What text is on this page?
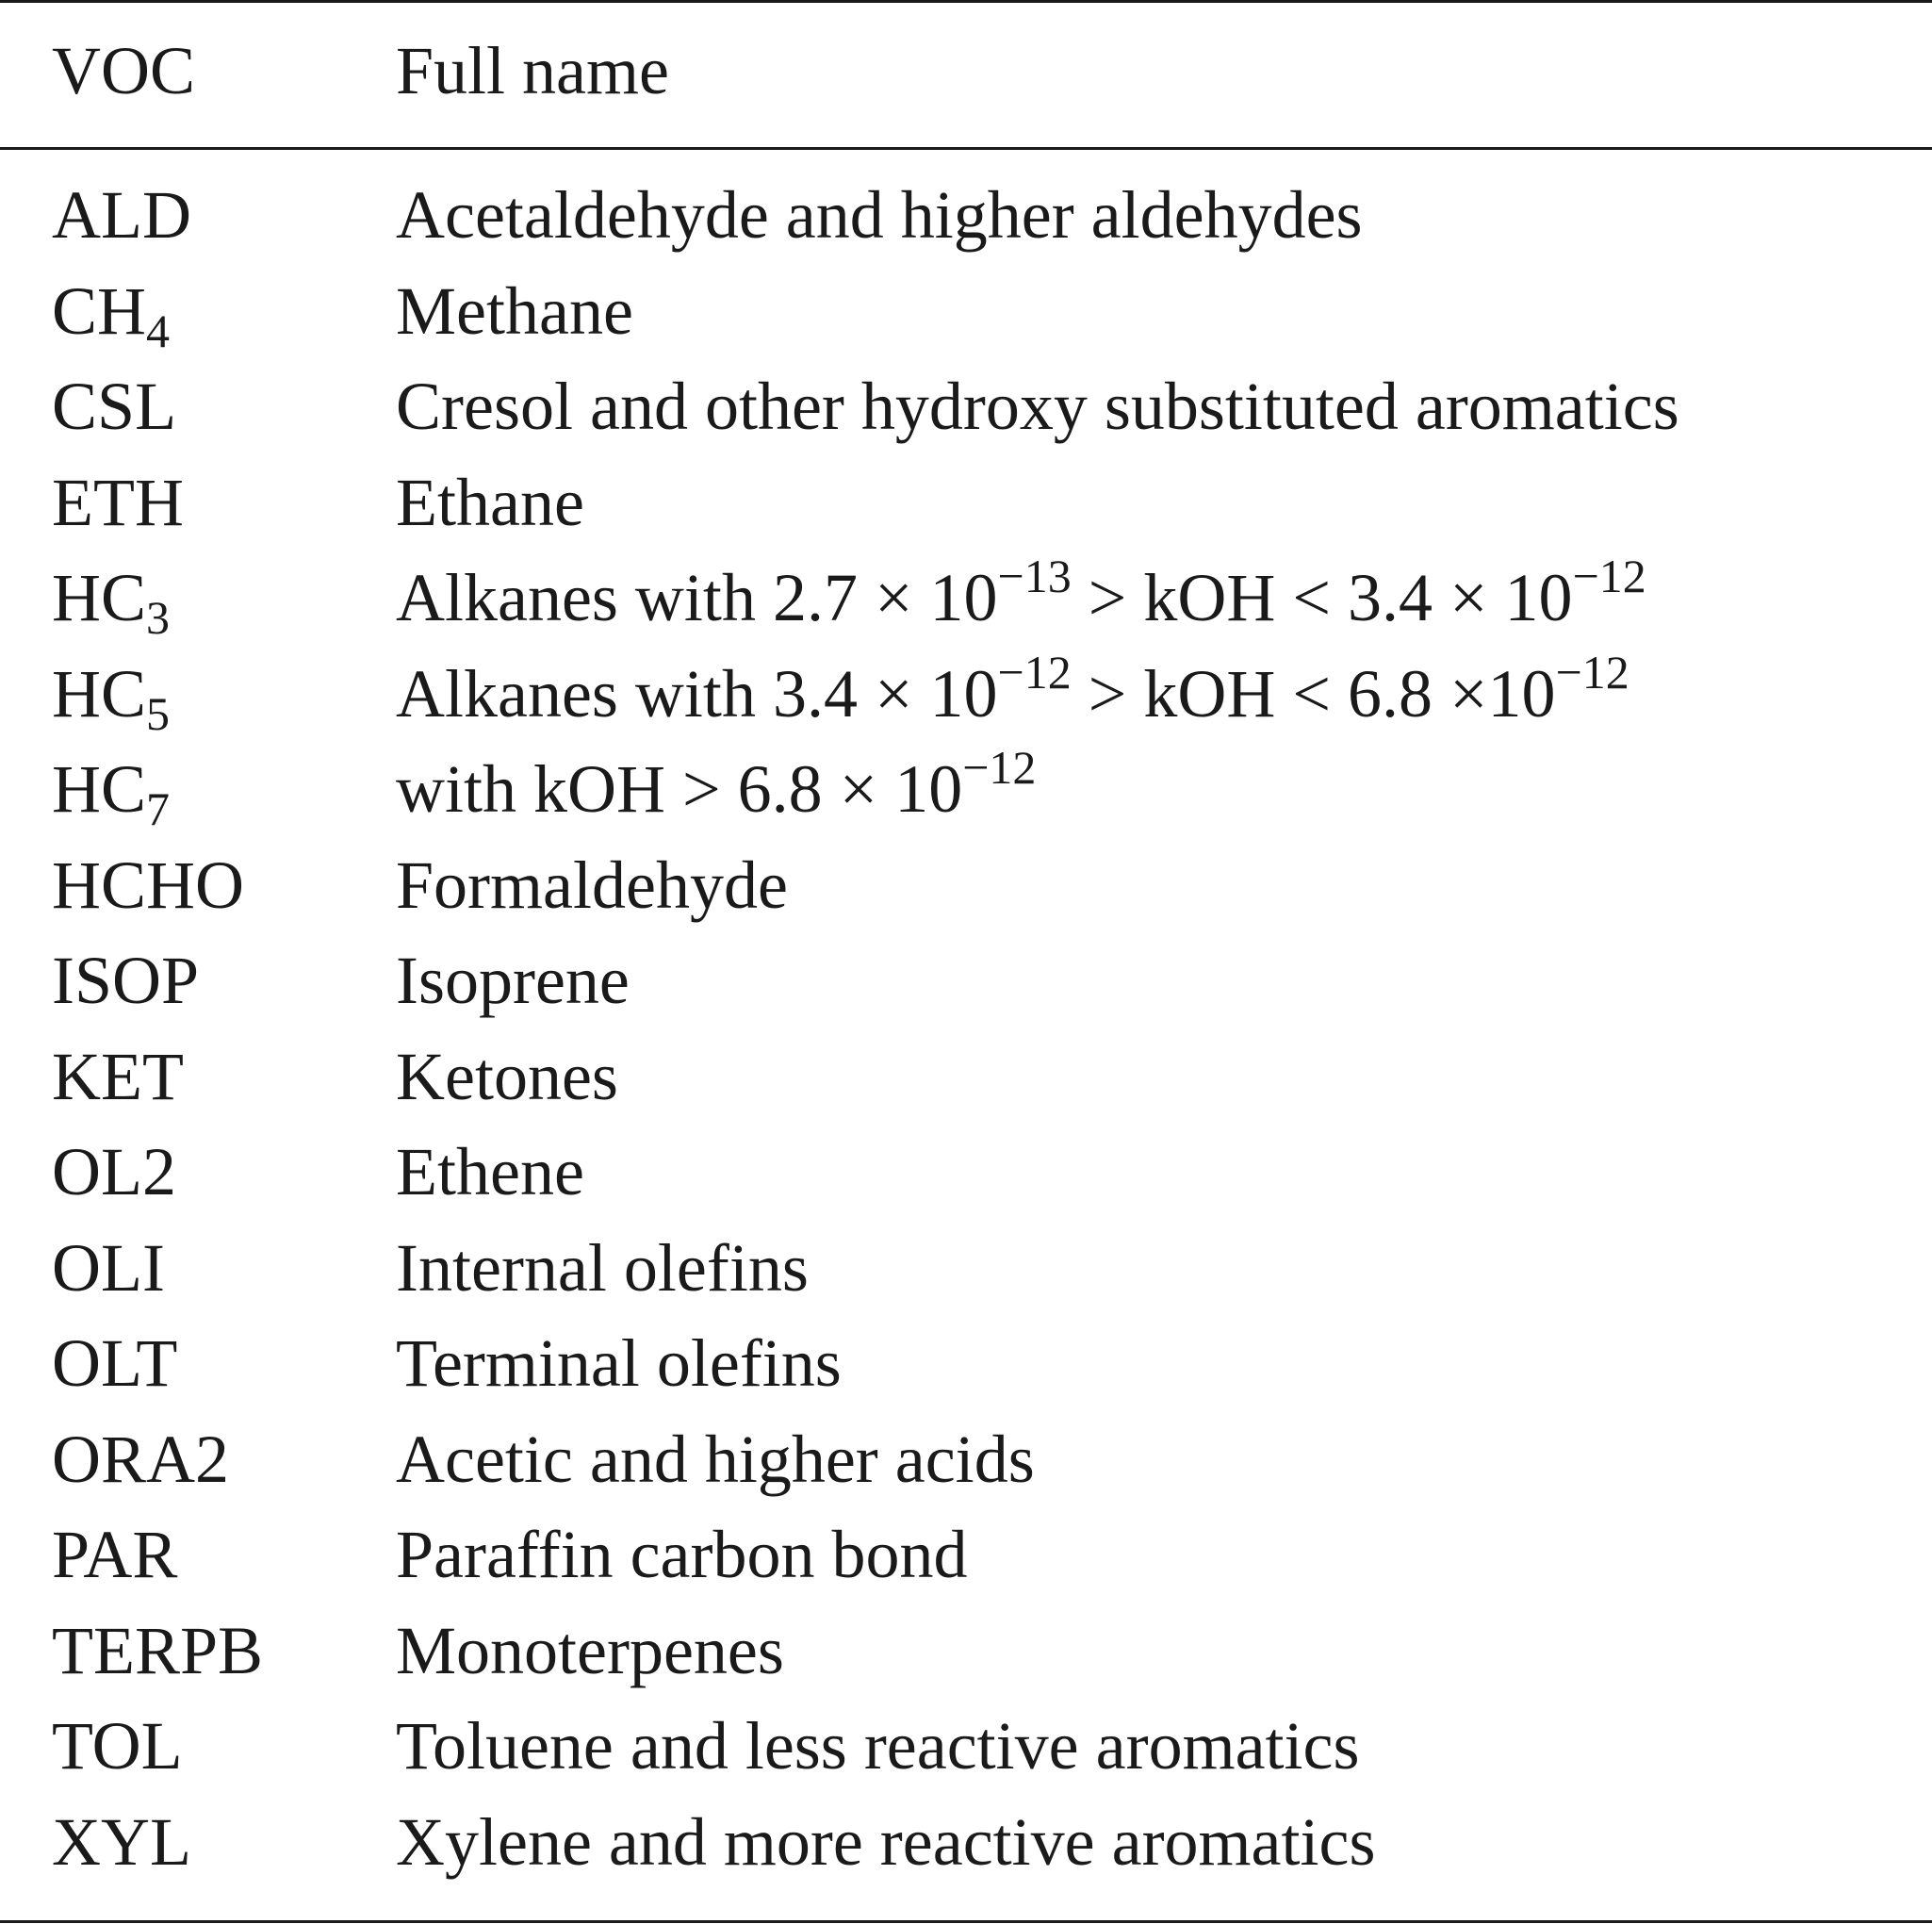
VOC	Full name
ALD	Acetaldehyde and higher aldehydes
$CH_4$	Methane
CSL	Cresol and other hydroxy substituted aromatics
ETH	Ethane
$HC_3$	Alkanes with $2.7 \times 10^{-13}$ > kOH < $3.4 \times 10^{-12}$
$HC_5$	Alkanes with $3.4 \times 10^{-12}$ > kOH < $6.8 \times 10^{-12}$
$HC_7$	with kOH > $6.8 \times 10^{-12}$
HCHO Formaldehyde
ISOP	Isoprene
KET	Ketones
OL2	Ethene
OLI	Internal olefins
OLT	Terminal olefins
ORA2 Acetic and higher acids
PAR	Paraffin carbon bond
TERPB Monoterpenes
TOL	Toluene and less reactive aromatics
XYL	Xylene and more reactive aromatics
